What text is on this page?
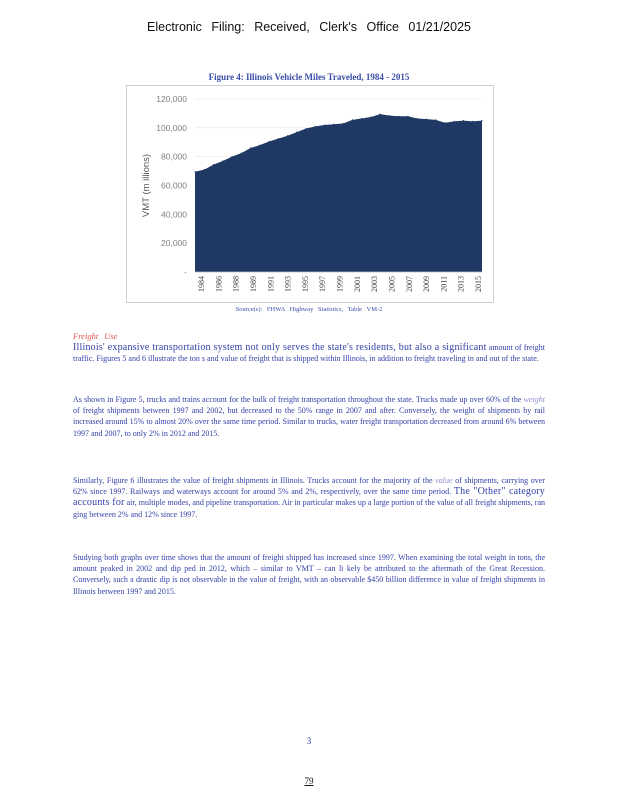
Electronic Filing: Received, Clerk's Office 01/21/2025
Figure 4: Illinois Vehicle Miles Traveled, 1984 - 2015
-
20,000
40,000
60,000
80,000
100,000
120,000
1984 1986 1988 1989 1991 1993 1995 1997 1999 2001 2003 2005 2007 2009 2011 2013 2015
VMT (m illions)
Source(s): FHWA Highway Statistics, Table VM-2
Freight Use
Illinois' expansive transportation system not only serves the state's residents, but also a significant amount of freight traffic. Figures 5 and 6 illustrate the ton s and value of freight that is shipped within Illinois, in addition to freight traveling in and out of the state.
As shown in Figure 5, trucks and trains account for the bulk of freight transportation throughout the state. Trucks made up over 60% of the weight of freight shipments between 1997 and 2002, but decreased to the 50% range in 2007 and after. Conversely, the weight of shipments by rail increased around 15% to almost 20% over the same time period. Similar to trucks, water freight transportation decreased from around 6% between 1997 and 2007, to only 2% in 2012 and 2015.
Similarly, Figure 6 illustrates the value of freight shipments in Illinois. Trucks account for the majority of the value of shipments, carrying over 62% since 1997. Railways and waterways account for around 5% and 2%, respectively, over the same time period. The "Other" category accounts for air, multiple modes, and pipeline transportation. Air in particular makes up a large portion of the value of all freight shipments, ran ging between 2% and 12% since 1997.
Studying both graphs over time shows that the amount of freight shipped has increased since 1997. When examining the total weight in tons, the amount peaked in 2002 and dip ped in 2012, which – similar to VMT – can li kely be attributed to the aftermath of the Great Recession. Conversely, such a drastic dip is not observable in the value of freight, with an observable $450 billion difference in value of freight shipments in Illinois between 1997 and 2015.
3
79
